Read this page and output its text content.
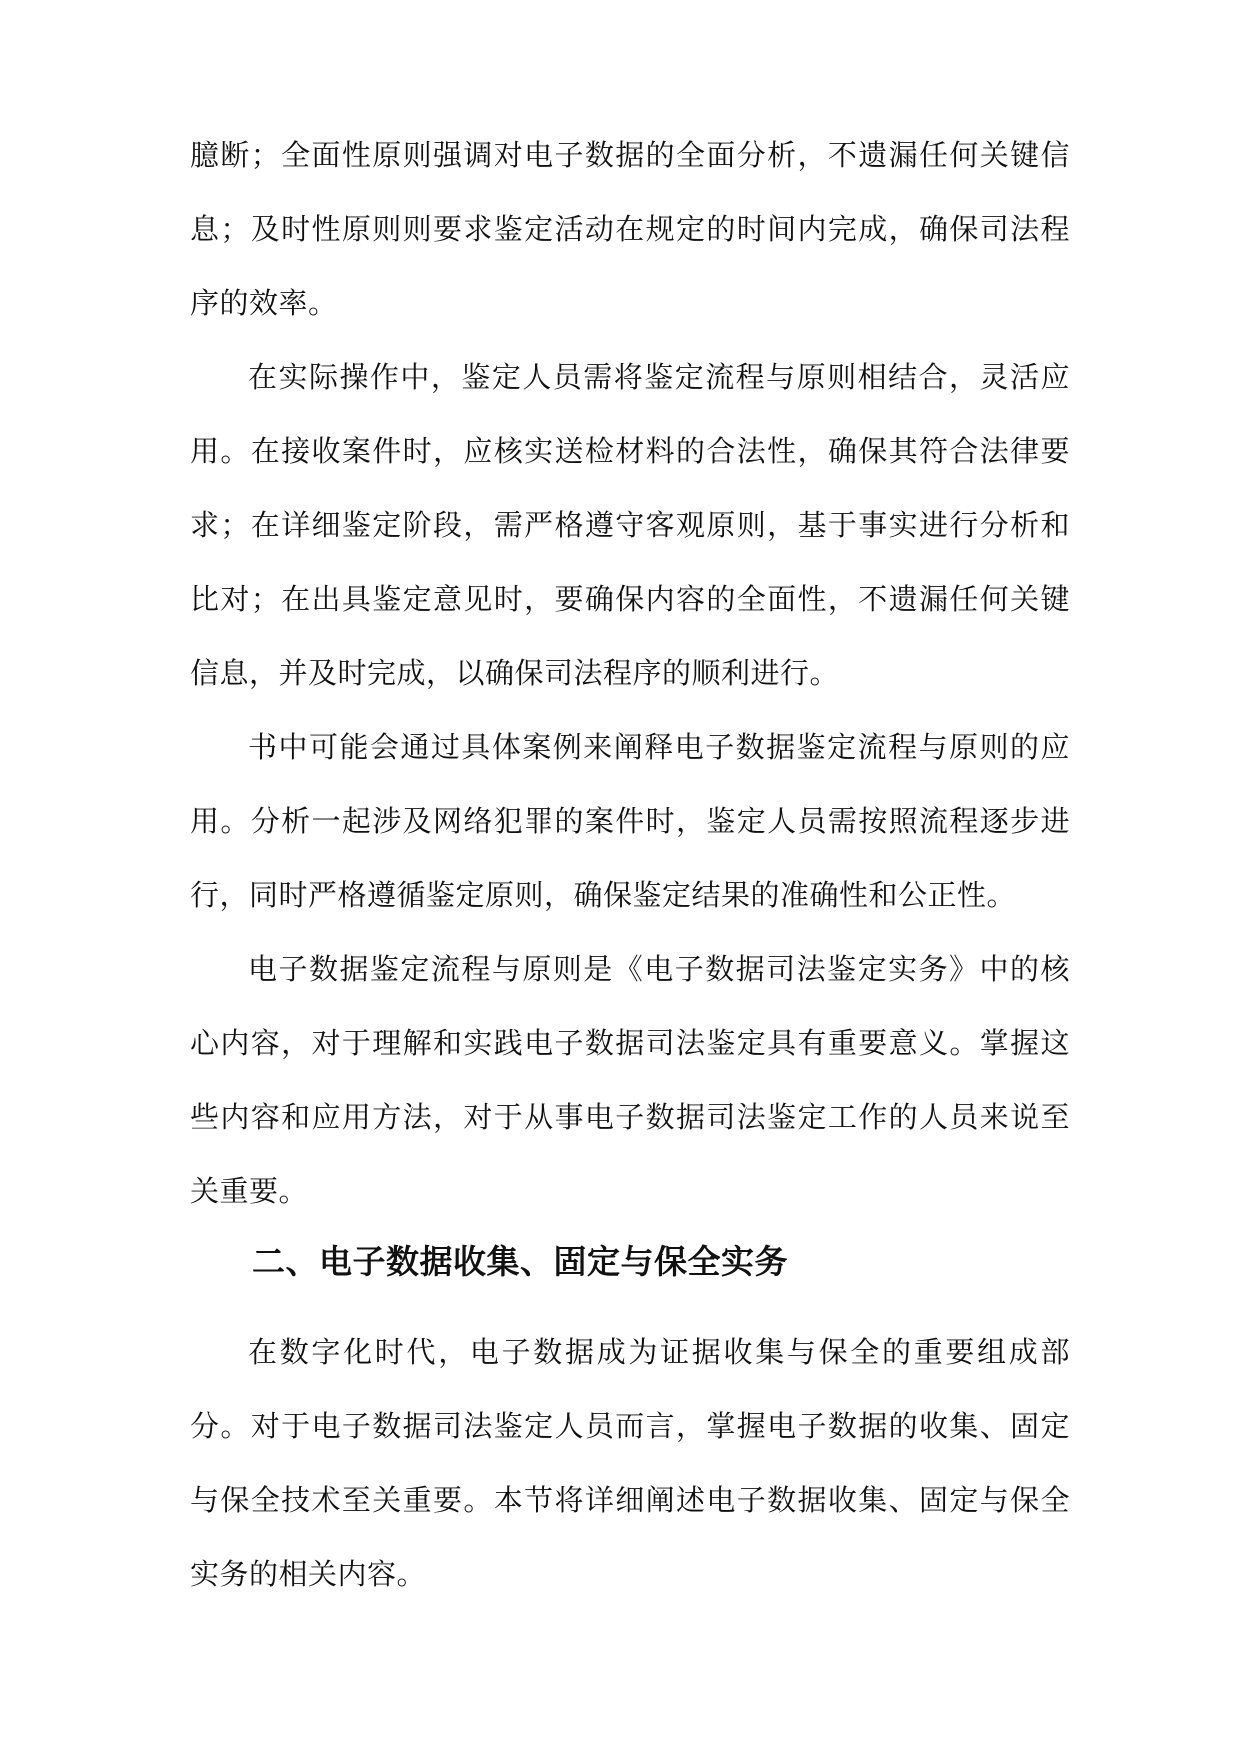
臆断；全面性原则强调对电子数据的全面分析，不遗漏任何关键信息；及时性原则则要求鉴定活动在规定的时间内完成，确保司法程序的效率。

在实际操作中，鉴定人员需将鉴定流程与原则相结合，灵活应用。在接收案件时，应核实送检材料的合法性，确保其符合法律要求；在详细鉴定阶段，需严格遵守客观原则，基于事实进行分析和比对；在出具鉴定意见时，要确保内容的全面性，不遗漏任何关键信息，并及时完成，以确保司法程序的顺利进行。

书中可能会通过具体案例来阐释电子数据鉴定流程与原则的应用。分析一起涉及网络犯罪的案件时，鉴定人员需按照流程逐步进行，同时严格遵循鉴定原则，确保鉴定结果的准确性和公正性。

电子数据鉴定流程与原则是《电子数据司法鉴定实务》中的核心内容，对于理解和实践电子数据司法鉴定具有重要意义。掌握这些内容和应用方法，对于从事电子数据司法鉴定工作的人员来说至关重要。

二、电子数据收集、固定与保全实务

在数字化时代，电子数据成为证据收集与保全的重要组成部分。对于电子数据司法鉴定人员而言，掌握电子数据的收集、固定与保全技术至关重要。本节将详细阐述电子数据收集、固定与保全实务的相关内容。
